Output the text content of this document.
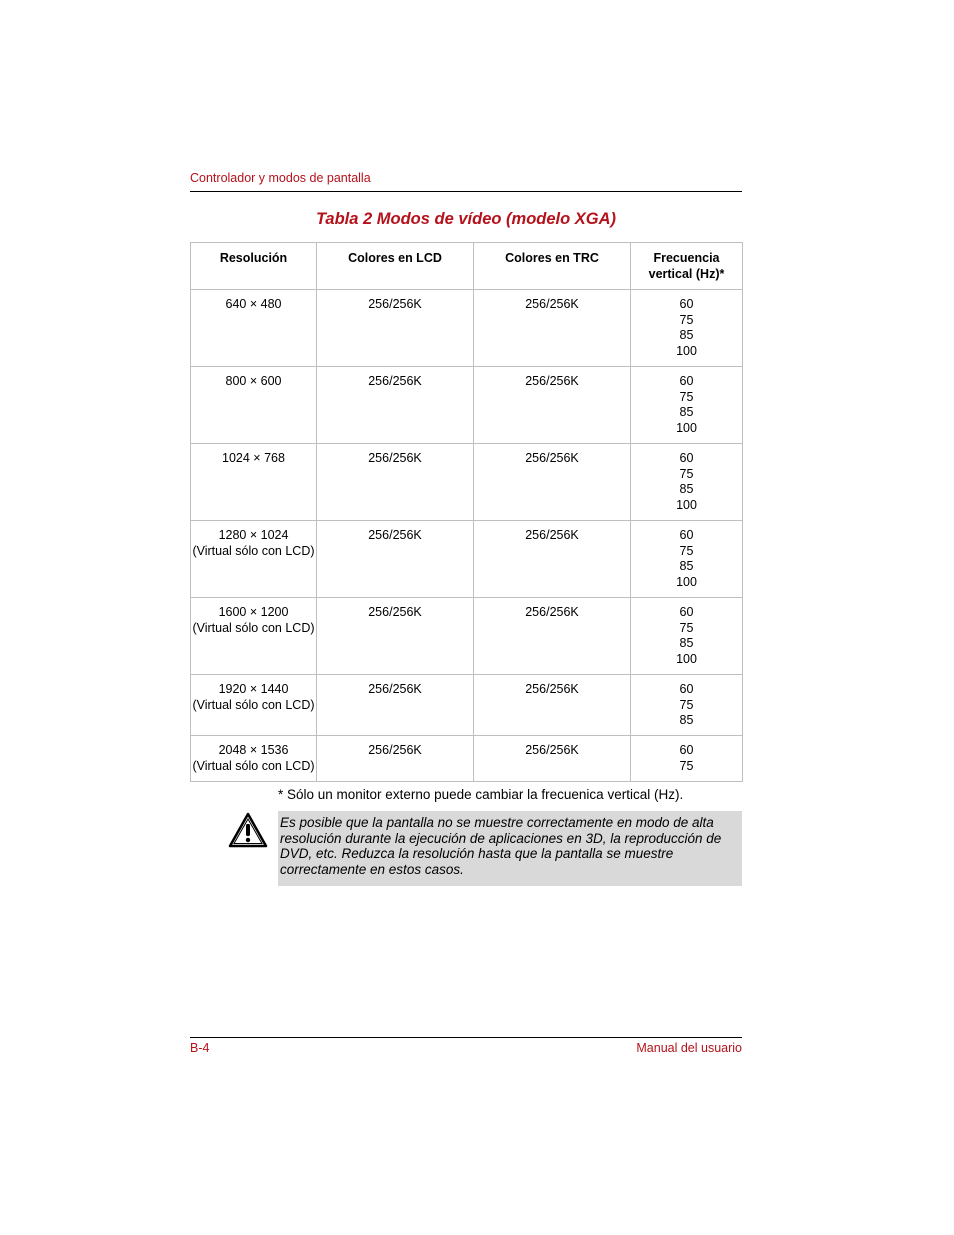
Controlador y modos de pantalla
Tabla 2 Modos de vídeo (modelo XGA)
Resolución	Colores en LCD	Colores en TRC	Frecuencia
vertical (Hz)*

640 × 480	256/256K	256/256K	60
75
85
100

800 × 600	256/256K	256/256K	60
75
85
100

1024 × 768	256/256K	256/256K	60
75
85
100

1280 × 1024
(Virtual sólo con LCD)	256/256K	256/256K	60
75
85
100

1600 × 1200
(Virtual sólo con LCD)	256/256K	256/256K	60
75
85
100

1920 × 1440
(Virtual sólo con LCD)	256/256K	256/256K	60
75
85

2048 × 1536
(Virtual sólo con LCD)	256/256K	256/256K	60
75
* Sólo un monitor externo puede cambiar la frecuenica vertical (Hz).
Es posible que la pantalla no se muestre correctamente en modo de alta
resolución durante la ejecución de aplicaciones en 3D, la reproducción de
DVD, etc. Reduzca la resolución hasta que la pantalla se muestre
correctamente en estos casos.
B-4	Manual del usuario
